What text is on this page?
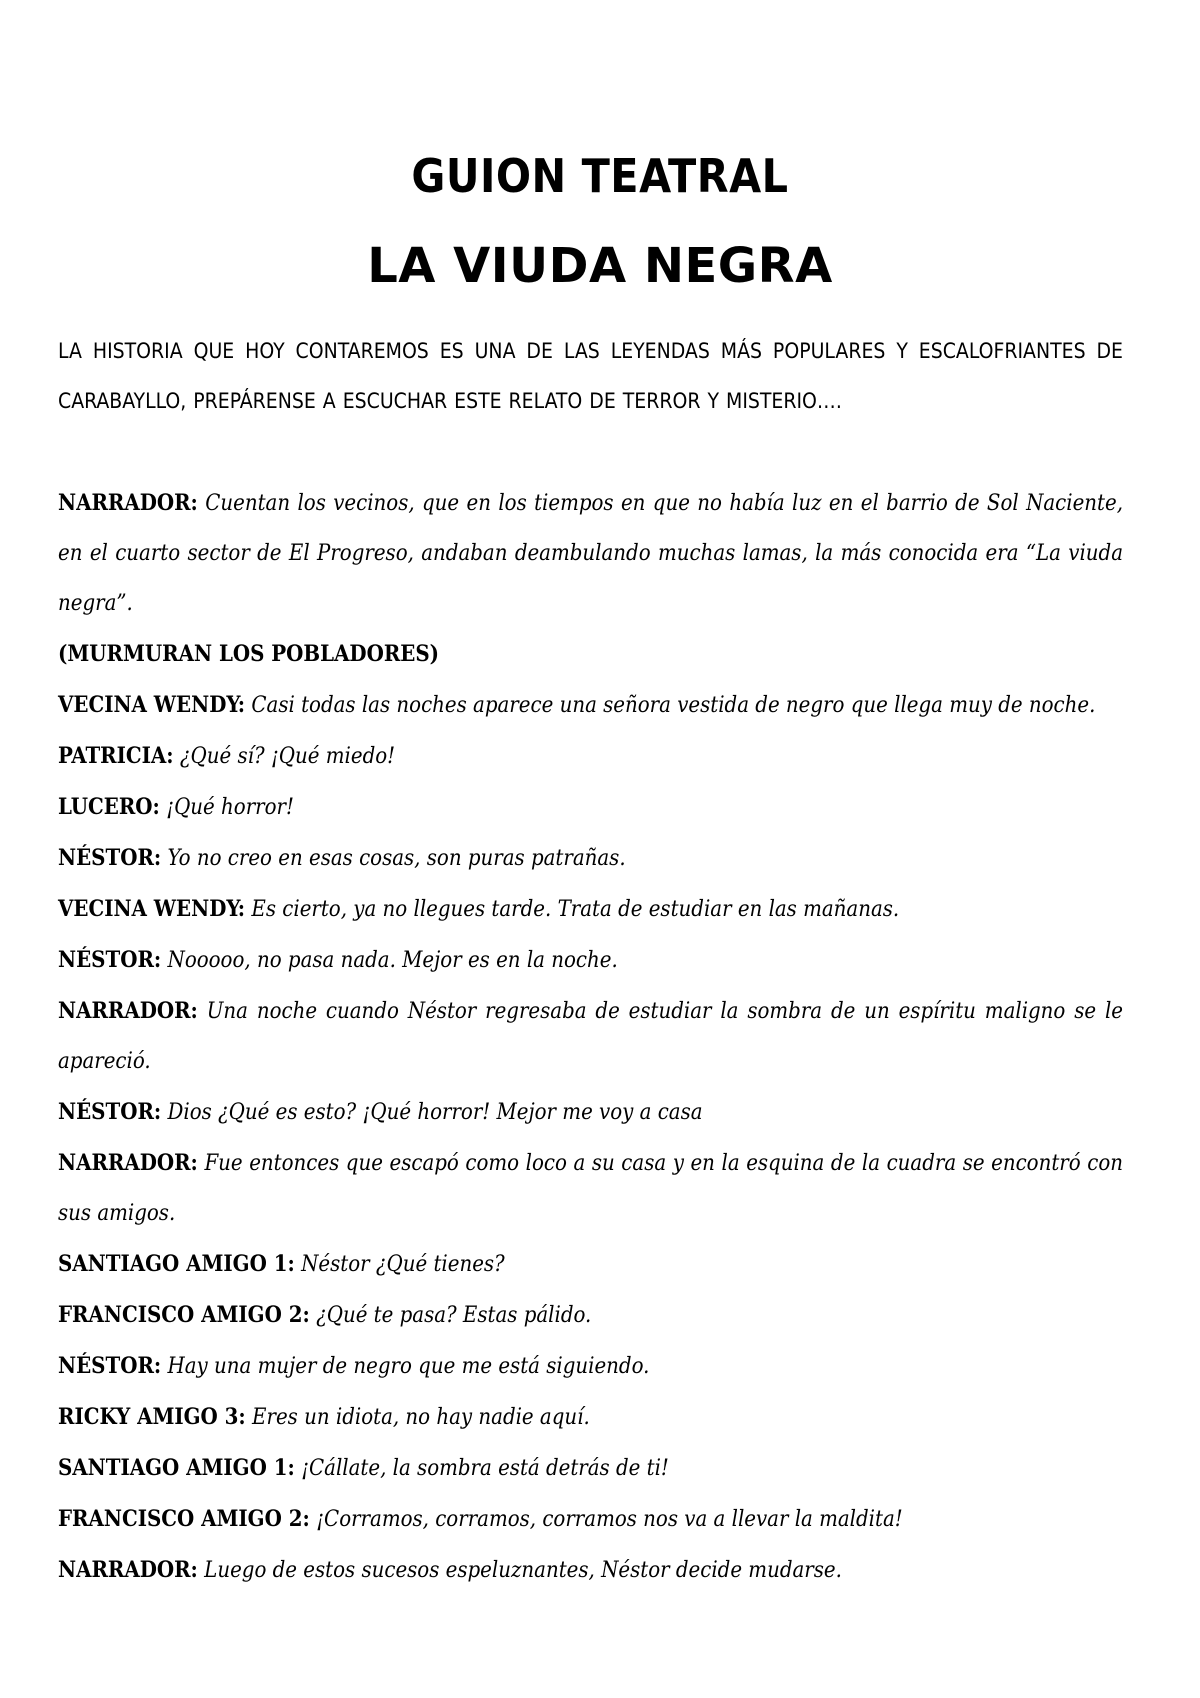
GUION TEATRAL
LA VIUDA NEGRA

LA HISTORIA QUE HOY CONTAREMOS ES UNA DE LAS LEYENDAS MÁS POPULARES Y ESCALOFRIANTES DE CARABAYLLO, PREPÁRENSE A ESCUCHAR ESTE RELATO DE TERROR Y MISTERIO….

NARRADOR: Cuentan los vecinos, que en los tiempos en que no había luz en el barrio de Sol Naciente, en el cuarto sector de El Progreso, andaban deambulando muchas lamas, la más conocida era “La viuda negra”.

(MURMURAN LOS POBLADORES)

VECINA WENDY: Casi todas las noches aparece una señora vestida de negro que llega muy de noche.

PATRICIA: ¿Qué sí? ¡Qué miedo!

LUCERO: ¡Qué horror!

NÉSTOR: Yo no creo en esas cosas, son puras patrañas.

VECINA WENDY: Es cierto, ya no llegues tarde. Trata de estudiar en las mañanas.

NÉSTOR: Nooooo, no pasa nada. Mejor es en la noche.

NARRADOR: Una noche cuando Néstor regresaba de estudiar la sombra de un espíritu maligno se le apareció.

NÉSTOR: Dios ¿Qué es esto? ¡Qué horror! Mejor me voy a casa

NARRADOR: Fue entonces que escapó como loco a su casa y en la esquina de la cuadra se encontró con sus amigos.

SANTIAGO AMIGO 1: Néstor ¿Qué tienes?

FRANCISCO AMIGO 2: ¿Qué te pasa? Estas pálido.

NÉSTOR: Hay una mujer de negro que me está siguiendo.

RICKY AMIGO 3: Eres un idiota, no hay nadie aquí.

SANTIAGO AMIGO 1: ¡Cállate, la sombra está detrás de ti!

FRANCISCO AMIGO 2: ¡Corramos, corramos, corramos nos va a llevar la maldita!

NARRADOR: Luego de estos sucesos espeluznantes, Néstor decide mudarse.
